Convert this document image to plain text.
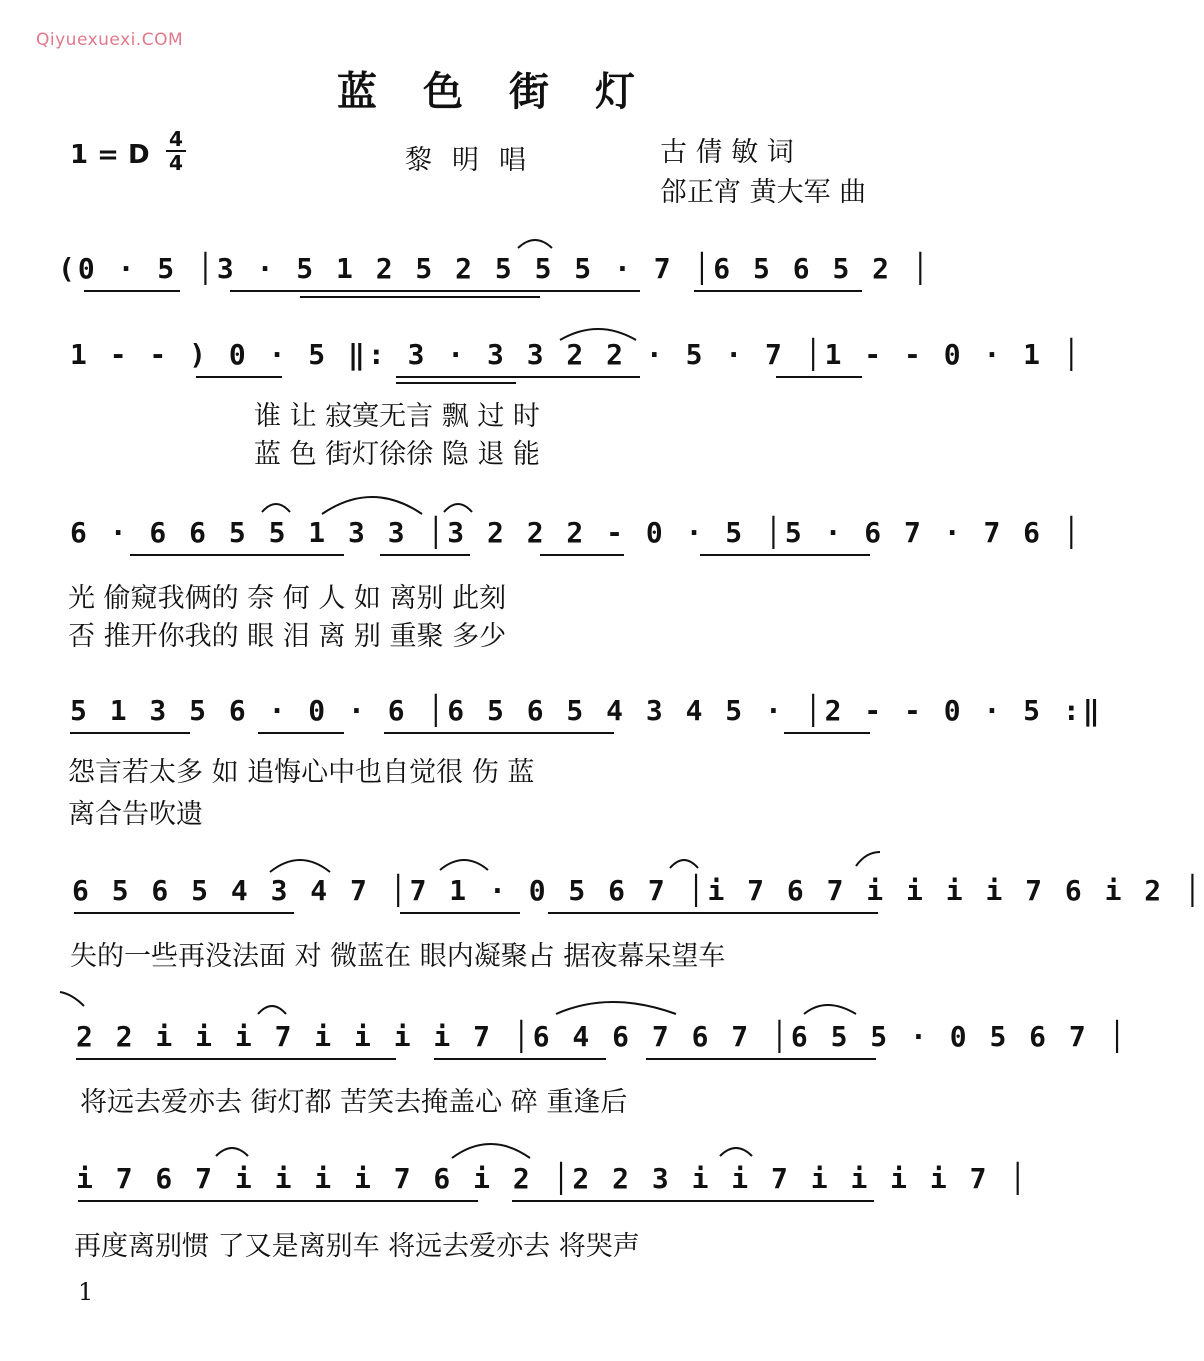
Qiyuexuexi.COM
蓝色街灯
1 = D
4
4	黎明唱	古 倩 敏 词
郃正宵 黄大军 曲
(0 · 5 │3 · 5 1 2 5 2 5 5 5 · 7 │6 5 6 5 2 │
1 - - ) 0 · 5 ‖: 3 · 3 3 2 2 · 5 · 7 │1 - - 0 · 1 │
谁 让 寂寞无言 飘 过 时
蓝 色 街灯徐徐 隐 退 能
6 · 6 6 5 5 1 3 3 │3 2 2 2 - 0 · 5 │5 · 6 7 · 7 6 │
光 偷窥我俩的 奈 何 人 如 离别 此刻
否 推开你我的 眼 泪 离 别 重聚 多少
5 1 3 5 6 · 0 · 6 │6 5 6 5 4 3 4 5 · │2 - - 0 · 5 :‖
怨言若太多 如 追悔心中也自觉很 伤 蓝
离合告吹遗
6 5 6 5 4 3 4 7 │7 1 · 0 5 6 7 │i 7 6 7 i i i i 7 6 i 2 │
失的一些再没法面 对 微蓝在 眼内凝聚占 据夜幕呆望车
2 2 i i i 7 i i i i 7 │6 4 6 7 6 7 │6 5 5 · 0 5 6 7 │
将远去爱亦去 街灯都 苦笑去掩盖心 碎 重逢后
i 7 6 7 i i i i 7 6 i 2 │2 2 3 i i 7 i i i i 7 │
再度离别惯 了又是离别车 将远去爱亦去 将哭声
1
